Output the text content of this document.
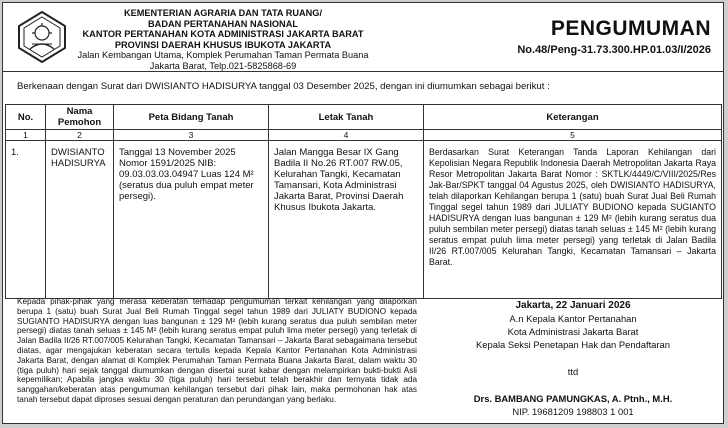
KEMENTERIAN AGRARIA DAN TATA RUANG/
BADAN PERTANAHAN NASIONAL
KANTOR PERTANAHAN KOTA ADMINISTRASI JAKARTA BARAT
PROVINSI DAERAH KHUSUS IBUKOTA JAKARTA
Jalan Kembangan Utama, Komplek Perumahan Taman Permata Buana
Jakarta Barat, Telp.021-5825868-69
PENGUMUMAN
No.48/Peng-31.73.300.HP.01.03/I/2026
Berkenaan dengan Surat dari DWISIANTO HADISURYA tanggal 03 Desember 2025, dengan ini diumumkan sebagai berikut :
No.	Nama Pemohon	Peta Bidang Tanah	Letak Tanah	Keterangan
1	2	3	4	5
1.	DWISIANTO HADISURYA	Tanggal 13 November 2025 Nomor 1591/2025 NIB: 09.03.03.03.04947 Luas 124 M² (seratus dua puluh empat meter persegi).	Jalan Mangga Besar IX Gang Badila II No.26 RT.007 RW.05, Kelurahan Tangki, Kecamatan Tamansari, Kota Administrasi Jakarta Barat, Provinsi Daerah Khusus Ibukota Jakarta.	Berdasarkan Surat Keterangan Tanda Laporan Kehilangan dari Kepolisian Negara Republik Indonesia Daerah Metropolitan Jakarta Raya Resor Metropolitan Jakarta Barat Nomor : SKTLK/4449/C/VIII/2025/Res Jak-Bar/SPKT tanggal 04 Agustus 2025, oleh DWISIANTO HADISURYA, telah dilaporkan Kehilangan berupa 1 (satu) buah Surat Jual Beli Rumah Tinggal segel tahun 1989 dari JULIATY BUDIONO kepada SUGIANTO HADISURYA dengan luas bangunan ± 129 M² (lebih kurang seratus dua puluh sembilan meter persegi) diatas tanah seluas ± 145 M² (lebih kurang seratus empat puluh lima meter persegi) yang terletak di Jalan Badila II/26 RT.007/005 Kelurahan Tangki, Kecamatan Tamansari – Jakarta Barat.
Kepada pihak-pihak yang merasa keberatan terhadap pengumuman terkait kehilangan yang dilaporkan berupa 1 (satu) buah Surat Jual Beli Rumah Tinggal segel tahun 1989 dari JULIATY BUDIONO kepada SUGIANTO HADISURYA dengan luas bangunan ± 129 M² (lebih kurang seratus dua puluh sembilan meter persegi) diatas tanah seluas ± 145 M² (lebih kurang seratus empat puluh lima meter persegi) yang terletak di Jalan Badila II/26 RT.007/005 Kelurahan Tangki, Kecamatan Tamansari – Jakarta Barat sebagaimana tersebut diatas, agar mengajukan keberatan secara tertulis kepada Kepala Kantor Pertanahan Kota Administrasi Jakarta Barat, dengan alamat di Komplek Perumahan Taman Permata Buana Jakarta Barat, dalam waktu 30 (tiga puluh) hari sejak tanggal diumumkan dengan disertai surat kabar dengan melampirkan bukti-bukti Asli kepemilikan; Apabila jangka waktu 30 (tiga puluh) hari tersebut telah berakhir dan ternyata tidak ada sanggahan/keberatan atas pengumuman kehilangan tersebut dari pihak lain, maka permohonan hak atas tanah tersebut dapat diproses sesuai dengan peraturan dan perundangan yang berlaku.
Jakarta, 22 Januari 2026
A.n Kepala Kantor Pertanahan
Kota Administrasi Jakarta Barat
Kepala Seksi Penetapan Hak dan Pendaftaran
ttd
Drs. BAMBANG PAMUNGKAS, A. Ptnh., M.H.
NIP. 19681209 198803 1 001
